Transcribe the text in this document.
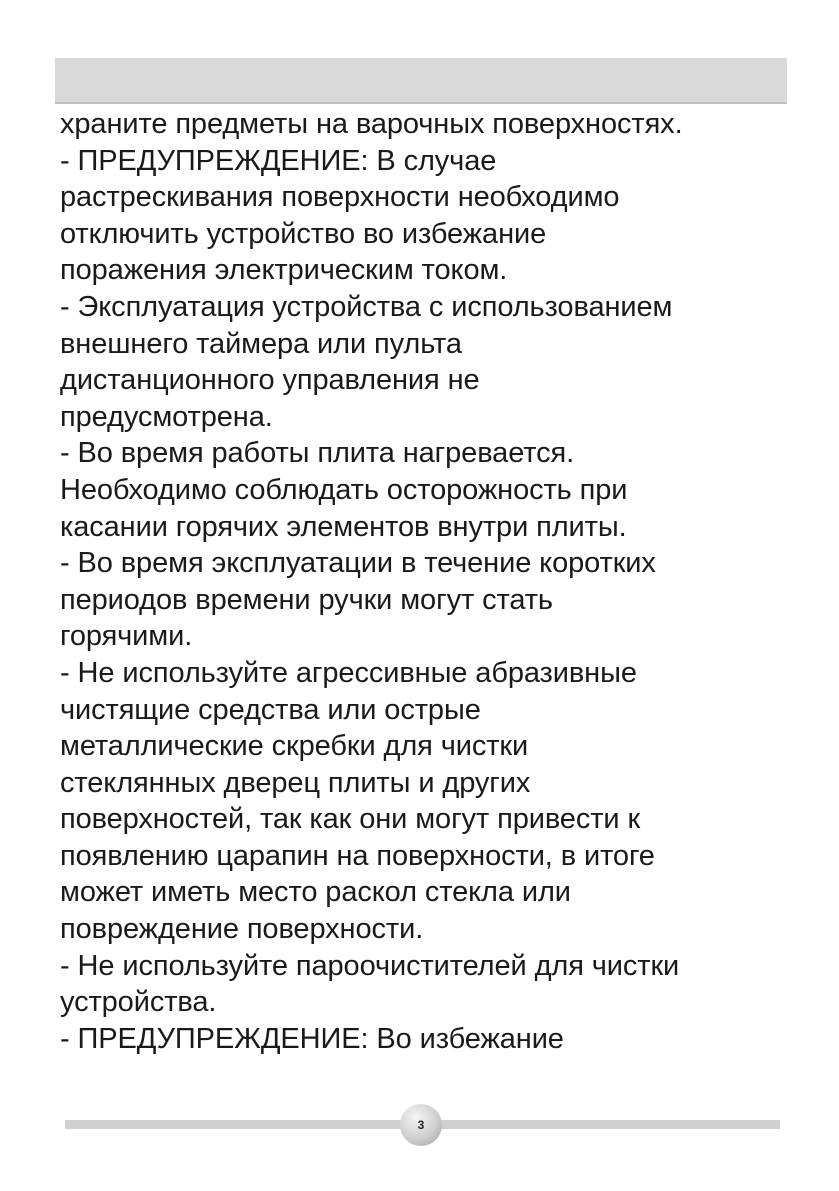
храните предметы на варочных поверхностях.
- ПРЕДУПРЕЖДЕНИЕ: В случае
растрескивания поверхности необходимо
отключить устройство во избежание
поражения электрическим током.
- Эксплуатация устройства с использованием
внешнего таймера или пульта
дистанционного управления не
предусмотрена.
- Во время работы плита нагревается.
Необходимо соблюдать осторожность при
касании горячих элементов внутри плиты.
- Во время эксплуатации в течение коротких
периодов времени ручки могут стать
горячими.
- Не используйте агрессивные абразивные
чистящие средства или острые
металлические скребки для чистки
стеклянных дверец плиты и других
поверхностей, так как они могут привести к
появлению царапин на поверхности, в итоге
может иметь место раскол стекла или
повреждение поверхности.
- Не используйте пароочистителей для чистки
устройства.
- ПРЕДУПРЕЖДЕНИЕ: Во избежание
3
